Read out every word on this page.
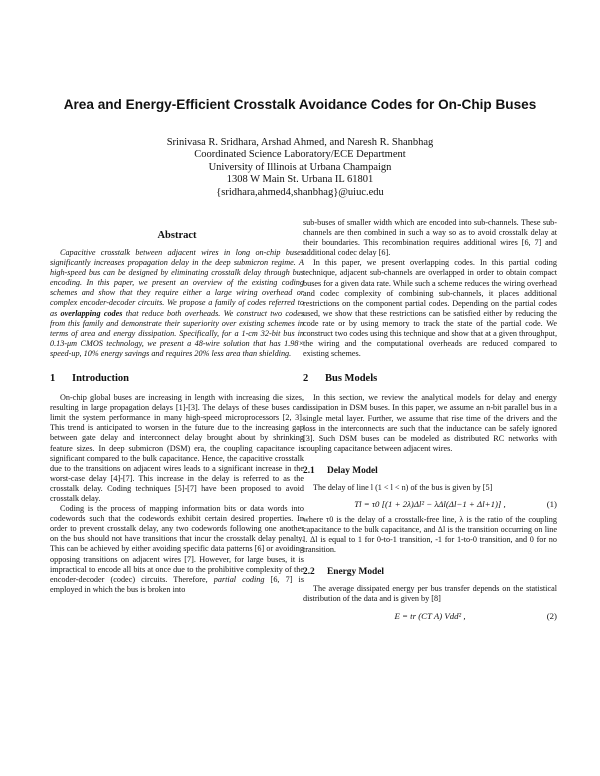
Area and Energy-Efficient Crosstalk Avoidance Codes for On-Chip Buses
Srinivasa R. Sridhara, Arshad Ahmed, and Naresh R. Shanbhag
Coordinated Science Laboratory/ECE Department
University of Illinois at Urbana Champaign
1308 W Main St. Urbana IL 61801
{sridhara,ahmed4,shanbhag}@uiuc.edu
Abstract

Capacitive crosstalk between adjacent wires in long on-chip buses significantly increases propagation delay in the deep submicron regime. A high-speed bus can be designed by eliminating crosstalk delay through bus encoding. In this paper, we present an overview of the existing coding schemes and show that they require either a large wiring overhead or complex encoder-decoder circuits. We propose a family of codes referred to as overlapping codes that reduce both overheads. We construct two codes from this family and demonstrate their superiority over existing schemes in terms of area and energy dissipation. Specifically, for a 1-cm 32-bit bus in 0.13-μm CMOS technology, we present a 48-wire solution that has 1.98× speed-up, 10% energy savings and requires 20% less area than shielding.

1 Introduction

On-chip global buses are increasing in length with increasing die sizes, resulting in large propagation delays [1]-[3]. The delays of these buses can limit the system performance in many high-speed microprocessors [2, 3]. This trend is anticipated to worsen in the future due to the increasing gap between gate delay and interconnect delay brought about by shrinking feature sizes. In deep submicron (DSM) era, the coupling capacitance is significant compared to the bulk capacitance. Hence, the capacitive crosstalk due to the transitions on adjacent wires leads to a significant increase in the worst-case delay [4]-[7]. This increase in the delay is referred to as the crosstalk delay. Coding techniques [5]-[7] have been proposed to avoid crosstalk delay.

Coding is the process of mapping information bits or data words into codewords such that the codewords exhibit certain desired properties. In order to prevent crosstalk delay, any two codewords following one another on the bus should not have transitions that incur the crosstalk delay penalty. This can be achieved by either avoiding specific data patterns [6] or avoiding opposing transitions on adjacent wires [7]. However, for large buses, it is impractical to encode all bits at once due to the prohibitive complexity of the encoder-decoder (codec) circuits. Therefore, partial coding [6, 7] is employed in which the bus is broken into

sub-buses of smaller width which are encoded into sub-channels. These sub-channels are then combined in such a way so as to avoid crosstalk delay at their boundaries. This recombination requires additional wires [6, 7] and additional codec delay [6].

In this paper, we present overlapping codes. In this partial coding technique, adjacent sub-channels are overlapped in order to obtain compact buses for a given data rate. While such a scheme reduces the wiring overhead and codec complexity of combining sub-channels, it places additional restrictions on the component partial codes. Depending on the partial codes used, we show that these restrictions can be satisfied either by reducing the code rate or by using memory to track the state of the partial code. We construct two codes using this technique and show that at a given throughput, the wiring and the computational overheads are reduced compared to existing schemes.

2 Bus Models

In this section, we review the analytical models for delay and energy dissipation in DSM buses. In this paper, we assume an n-bit parallel bus in a single metal layer. Further, we assume that rise time of the drivers and the loss in the interconnects are such that the inductance can be safely ignored [3]. Such DSM buses can be modeled as distributed RC networks with coupling capacitance between adjacent wires.

2.1 Delay Model

The delay of line l (1 < l < n) of the bus is given by [5]

Tl = τ0 [(1 + 2λ)Δl² − λΔl(Δl−1 + Δl+1)] ,	(1)

where τ0 is the delay of a crosstalk-free line, λ is the ratio of the coupling capacitance to the bulk capacitance, and Δl is the transition occurring on line l. Δl is equal to 1 for 0-to-1 transition, -1 for 1-to-0 transition, and 0 for no transition.

2.2 Energy Model

The average dissipated energy per bus transfer depends on the statistical distribution of the data and is given by [8]

E = tr (CT A) Vdd² ,	(2)
